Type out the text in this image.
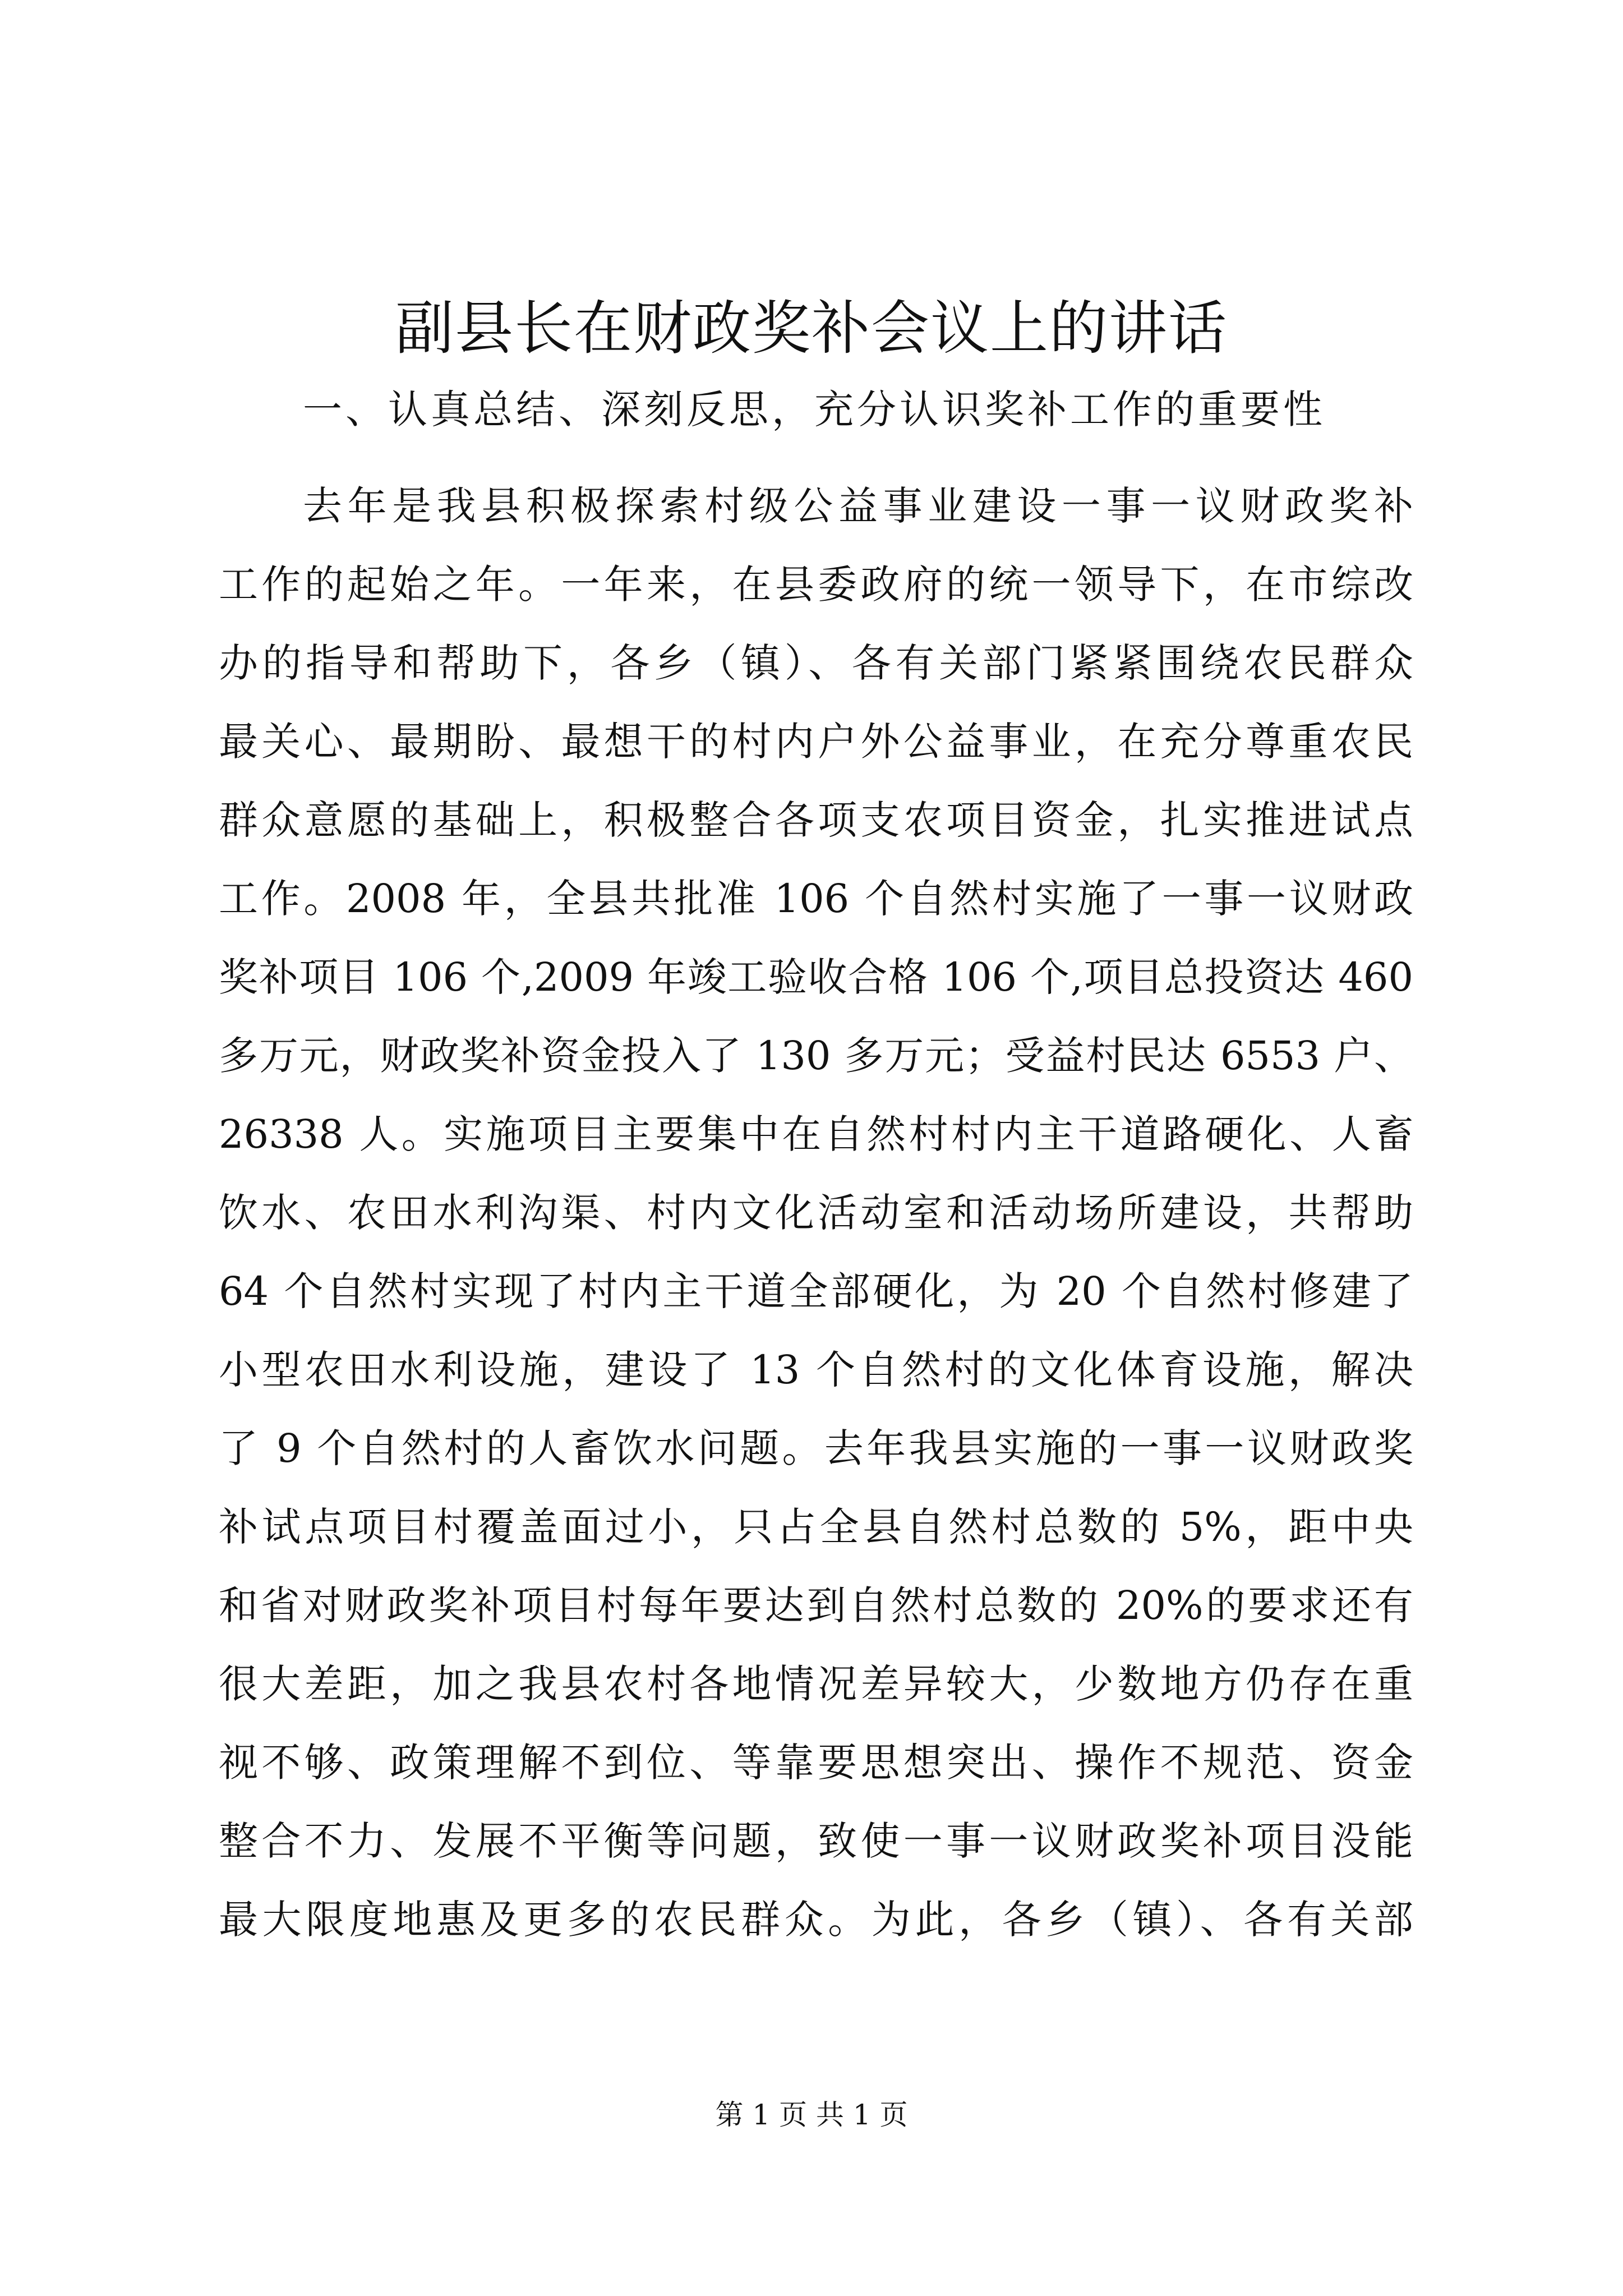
副县长在财政奖补会议上的讲话

一、认真总结、深刻反思，充分认识奖补工作的重要性

去年是我县积极探索村级公益事业建设一事一议财政奖补
工作的起始之年。一年来，在县委政府的统一领导下，在市综改
办的指导和帮助下，各乡（镇）、各有关部门紧紧围绕农民群众
最关心、最期盼、最想干的村内户外公益事业，在充分尊重农民
群众意愿的基础上，积极整合各项支农项目资金，扎实推进试点
工作。2008 年，全县共批准 106 个自然村实施了一事一议财政
奖补项目 106 个,2009 年竣工验收合格 106 个,项目总投资达 460
多万元，财政奖补资金投入了 130 多万元；受益村民达 6553 户、
26338 人。实施项目主要集中在自然村村内主干道路硬化、人畜
饮水、农田水利沟渠、村内文化活动室和活动场所建设，共帮助
64 个自然村实现了村内主干道全部硬化，为 20 个自然村修建了
小型农田水利设施，建设了 13 个自然村的文化体育设施，解决
了 9 个自然村的人畜饮水问题。去年我县实施的一事一议财政奖
补试点项目村覆盖面过小，只占全县自然村总数的 5%，距中央
和省对财政奖补项目村每年要达到自然村总数的 20%的要求还有
很大差距，加之我县农村各地情况差异较大，少数地方仍存在重
视不够、政策理解不到位、等靠要思想突出、操作不规范、资金
整合不力、发展不平衡等问题，致使一事一议财政奖补项目没能
最大限度地惠及更多的农民群众。为此，各乡（镇）、各有关部
第 1 页 共 1 页
